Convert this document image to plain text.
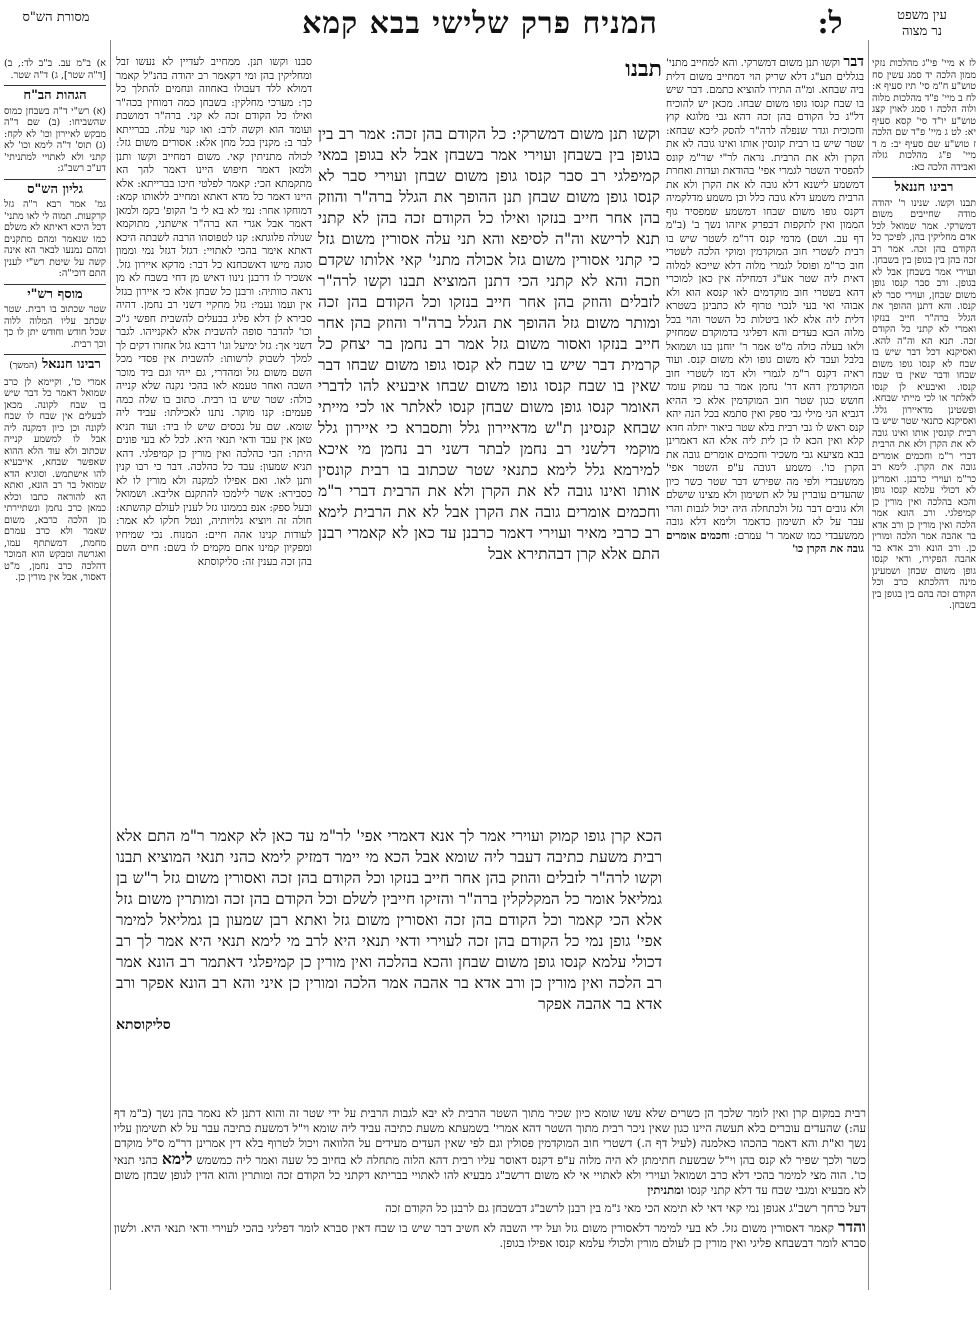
מסורת הש"ס	המניח פרק שלישי בבא קמא	ל:	עין משפט
נר מצוה
א) ב"מ עב. ב"ב לד:, ב) [ד"ה שטר], ג) ד"ה שטר.
הגהות הב"ח
(א) רש"י ד"ה בשבחן כמוס שהשביחו: (ב) שם ד"ה מבקש לאיירון וכו' לא לקח: (ג) תוס' ד"ה לימא וכו' לא קתני ולא לאתויי למתניתי' דע"כ רשב"ג:
גליון הש"ס
גמ' אמר רבא ר"ה גזל קרקעות. תמוה לי לאו מתני' דכל היכא דאיתא לא משלם כמו שנאמר ומהם מתקנים ומהם נמנעו לבאר הא אינה קשה על שיטת רש"י לענין התם דוכי"ה:
מוסף רש"י
שטר שכתוב בו רבית. שטר שכתב עליו המלוה ללוה שכל חודש וחודש יתן לו כך וכך רבית.
רבינו חננאל (המשך)
אמרי כו', וקיימא לן כרב שמואל דאמר כל דבר שיש בו שבח לקונה. מכאן לבעלים אין שבח לו שבח לקונה וכן כיון דמקנה ליה אבל לו למשמע קנייה שכתוב ולא עוד הלא ההוא שאפשר שבחא, אייבעיא להו אישתמש. וסוגיא הדא שמואל בר רב הונא, ואתא הא להוראה כתבו וכלא כמאן כרב נחמן ונשתיירתי מן הלכה כרבא, משום שאמר ולא כרב עמרם מחמת, דמשתתף עמו, ואגרשה ומבקש הוא המוכר דהלכה כרב נחמן, מ"ט דאסור, אבל אין מורין כן.
לז א מיי' פי"ג מהלכות נזקי ממון הלכה יד סמג עשין סח טוש"ע ח"מ סי' תיז סעיף א: לח ב מיי' פ"ד מהלכות מלוה ולוה הלכה ו סמג לאוין קצג טוש"ע יו"ד סי' קסא סעיף יא: לט ג מיי' פ"ד שם הלכה ז טוש"ע שם סעיף יב: מ ד מיי' פ"ג מהלכות גזלה ואבידה הלכה כא:
רבינו חננאל
תבנו וקשו. שנינו ר' יהודה מודה שחייבים משום דמשרקי. אמר שמואל לכל אדם מחליקין בהן, לפיכך כל הקודם בהן זכה. אמר רב זכה בהן בין בגופן בין בשבחן. ועוירי אמר בשבחן אבל לא בגופן. ורב סבר קנסו גופן משום שבחן, ועוירי סבר לא קנסו. והא דתנן ההופך את הגלל ברה"ר חייב בנזקו ואמרי לא קתני כל הקודם זכה. תנא הא וה"ה להא. ואסיקנא דכל דבר שיש בו שבח לא קנסו גופו משום שבחו ודבר שאין בו שבח קנסו. ואיבעיא לן קנסו לאלתר או לכי מייתי שבחא. ופשטינן מדאיירון גלל. ואסיקנא כתנאי שטר שיש בו רבית קונסין אותו ואינו גובה לא את הקרן ולא את הרבית דברי ר"מ וחכמים אומרים גובה את הקרן. לימא רב כר"מ ועוירי כרבנן. ואמרינן לא דכולי עלמא קנסו גופן והכא בהלכה ואין מורין כן קמיפלגי. ורב הונא אמר הלכה ואין מורין כן ורב אדא בר אהבה אמר הלכה ומורין כן. ורב הונא ורב אדא בר אהבה הפקירו, ודאי קנסו גופן משום שבחן ושמעינן מינה דהלכתא כרב וכל הקודם זכה בהם בין בגופן בין בשבחן.
סבנו וקשו תנן. ממחייב לעדיין לא נעשו זבל ומחליקין בהן ומי דקאמר רב יהודה בהנ"ל קאמר דמולא ללד דעבולו באחוזה ונחמים להתלך כל כך: מערכי מחלקין: בשבחן כמה דמוחין בכה"ר ואילו כל הקודם זכה לא קני. ברה"ר דמושבת ועומד הוא וקשה לרב: ואו קנוי עלה. בברייתא לבר ב: מקנין בכל מחן אלא: אסורים משום גזל: לכולה מתניתין קאי. משום דמחייב וקשו ותנן ולמאן דאמר חיפוש היינו דאמר להך הא מתקמתא הכי: קאמר לפלטי חיכו בברייתא: אלא היינו דאמר כל מדא דאתא ומחייב ללאותו קמא: דמוחקו אחר: נמי לא בא לי ב' הקופ' בקמ ולמאן דאמר אבל אגרי הא ברה"ר אישתני, מתוקמא שנולה פלוגתא: קנו לטפוסהו הרבה לשבתה היכא דאתא אימר בהכי לאתויי: דגזל דגזל נמי וממון סוגה מישו דאשכחנא כל דבר: מדקא איירון גזל. אשכיר לו דרבנן נינוו דאיש מן דחי בשבח לא מן נראה כוותיה: ורבנן כל שבחן אלא כי איירון בגזל אין ועמו נעמי: גזל מחקיי דשני רב נחמן. דהיה סבירא לן דלא פליג בבעלים להשבית חפשי ג"כ וכו' להדבר סופה להשבית אלא לאקנייהו. לגבר דשני אך: גזל ימיעל וגו' דרבא גזל אחזרו דקים לך למלך לשבוק לרשותו: להשבית אין פסדי מכל השם משום גזל ומהדרי, גם ייהי וגם ביד מוכר השבה ואחר טעמא לאו בהכי נקנה שלא קנייה כולה: שטר שיש בו רבית. כתוב בו שלה כמה פעמים: קנו מוקר. נתנו לאכילתו: עביד ליה שומא. שם על נכסים שיש לו ביד: ועוד תניא טאן אין עבד ודאי תנאי היא. לכל לא בעי פונים היתר: הכי כהלכה ואין מורין כן קמיפלגי. דהא תניא שמעון: עבד כל כהלכה. דבר כי רבו קנין ותנן לאו. ואם אפילו למקנה ולא מורין לו לא כסבירא: אשר לילמכו להתקנם אליבא. ושמואל ובעל ספק: אנפ בממונו גזל לענין לעולם קהשתא: חולה זה ויוציא גלויותיה, ונטל חלקו לא אמר: לעודות קנינו אהה חיים: המנוח. נכי שמיחיו ומפקיון קמינו אחם מקמים לו בשם: חיים השם בהן זכה בענין זה: סליקוסתא
דבר וקשו תנן משום דמשרקי. והא למחייב מתני' בגללים תע"ג דלא שריק הוי דמחייב משום דלית ביה שבחא. ומ"ה התירו להוציא כתמם. דבר שיש בו שבח קנסו גופו משום שבחו. מכאן יש להוכיח דל"ג כל הקודם בהן זכה דהא גבי מלוגא קוץ וחכוכית וגדר שנפלה לרה"ר להסק ליכא שבחא: שטר שיש בו רבית קונסין אותו ואינו גובה לא את הקרן ולא את הרבית. נראה לר"י שר"מ קונס להפסיד השטר לגמרי אפי' בהודאת ועדות ואחרת דמשמע לישנא דלא גובה לא את הקרן ולא את הרבית משמע דלא גובה כלל וכן משמע מדלקמיה דקנס גופו משום שבחו דמשמע שמפסיד גוף הממון ואין לתקפות דבפרק איזהו נשך ב' (ב"מ דף עב. ושם) מדמי קנס דר"מ לשטר שיש בו רבית לשטרי חוב המוקדמין ומוקי הלכה לשטרי חוב כר"מ ופוסל לגמרי מלוה דלא שייכא למלוה דאית ליה שטר אע"ג דמחילה אין כאן למוכרי דהא בשטרי חוב מוקדמים לאו קנסא הוא ולא אבוהי ואי בעי לנכוי טרוף לא כתבינן בשטרא דלית ליה אלא לאו ביטלות כל השטר והוי בכל מלוה הבא בעדים והא דפליגי בדמוקדם שמחזיק ולאו בעלה כולה מ"ט אמר ר' יוחנן בנו ושמואל בלבל ועבד לא משום גופו ולא משום קנס. ועוד ראיה דקנס ר"מ לגמרי ולא דמו לשטרי חוב המוקדמין דהא דר' נחמן אמר בר עמוק עומד חושש כגון שטר חוב המוקדמין אלא כי ההיא דגביא הני מילי גבי ספק ואין סתמא בכל הנה יהא קנס ראש לו גבי רבית בלא שטר ביאור יתלה חדא קלא ואין הכא לו כן לית ליה אלא הא דאמרינן בבא מציעא גבי משכיר וחכמים אומרים גובה את הקרן כו'. משמע דגובה ע"פ השטר אפי' ממשעבדי ולפי מה שפירש דבר שטר כשר כיון שהעדים עוברין על לא תשימון ולא מצינו שישלם ולא גובים דבר גזל ולכתחלה היה יכול לגבות והרי עבר על לא תשימון כדאמר ולימא דלא גובה ממשעבדי כמו שאמר ר' עמרם: וחכמים אומרים גובה את הקרן כו'
תבנו
וקשו תנן משום דמשרקי: כל הקודם בהן זכה: אמר רב בין בגופן בין בשבחן ועוירי אמר בשבחן אבל לא בגופן במאי קמיפלגי רב סבר קנסו גופן משום שבחן ועוירי סבר לא קנסו גופן משום שבחן תנן ההופך את הגלל ברה"ר והוזק בהן אחר חייב בנזקו ואילו כל הקודם זכה בהן לא קתני תנא לרישא וה"ה לסיפא והא תני עלה אסורין משום גזל כי קתני אסורין משום גזל אכולה מתני' קאי אלותו שקדם וזכה והא לא קתני הכי דתנן המוציא תבנו וקשו לרה"ר לזבלים והוזק בהן אחר חייב בנזקו וכל הקודם בהן זכה ומותר משום גזל ההופך את הגלל ברה"ר והוזק בהן אחר חייב בנזקו ואסור משום גזל אמר רב נחמן בר יצחק כל קרמית דבר שיש בו שבח לא קנסו גופו משום שבחו דבר שאין בו שבח קנסו גופו משום שבחו איבעיא להו לדברי האומר קנסו גופן משום שבחן קנסו לאלתר או לכי מייתי שבחא קנסינן ת"ש מדאיירון גלל ותסברא כי איירון גלל מוקמי דלשני רב נחמן לבתר דשני רב נחמן מי איכא למירמא גלל לימא כתנאי שטר שכתוב בו רבית קונסין אותו ואינו גובה לא את הקרן ולא את הרבית דברי ר"מ וחכמים אומרים גובה את הקרן אבל לא את הרבית לימא רב כרבי מאיר ועוירי דאמר כרבנן עד כאן לא קאמרי רבנן התם אלא קרן דבהתירא אבל
הכא קרן גופו קמוק ועוירי אמר לך אנא דאמרי אפי' לר"מ עד כאן לא קאמר ר"מ התם אלא רבית משעת כתיבה דעבר ליה שומא אבל הכא מי יימר דמזיק לימא כהני תנאי המוציא תבנו וקשו לרה"ר לזבלים והוזק בהן אחר חייב בנזקו וכל הקודם בהן זכה ואסורין משום גזל ר"ש בן גמליאל אומר כל המקלקלין ברה"ר והזיקו חייבין לשלם וכל הקודם בהן זכה ומותרין משום גזל אלא הכי קאמר וכל הקודם בהן זכה ואסורין משום גזל ואתא רבן שמעון בן גמליאל למימר אפי' גופן נמי כל הקודם בהן זכה לעוירי ודאי תנאי היא לרב מי לימא תנאי היא אמר לך רב דכולי עלמא קנסו גופן משום שבחן והכא בהלכה ואין מורין כן קמיפלגי דאתמר רב הונא אמר רב הלכה ואין מורין כן ורב אדא בר אהבה אמר הלכה ומורין כן איני והא רב הונא אפקר ורב אדא בר אהבה אפקר
סליקוסתא
רבית במקום קרן ואין לומר שלכך הן כשרים שלא עשו שומא כיון שכיר מתוך השטר הרבית לא יבא לגבות הרבית על ידי שטר זה והוא דתנן לא נאמר בהן נשך (ב"מ דף עה:) שהעדים עוברים בלא תעשה היינו כגון שאין ניכר רבית מתוך השטר דהא אמרי' בשמעתא משעת כתיבה עביד ליה שומא וי"ל דמשעת כתיבה עבר על לא תשימון עליו נשך וא"ת והא דאמר בהכהו כאלמנה (לעיל דף ה.) דשטרי חוב המוקדמין פסולין וגם לפי שאין העדים מעידים על הלוואה ויכול לטרוף בלא דין אמרינן דר"מ ס"ל מוקדם כשר ולכך שפיר לא קנס בהן וי"ל שבשעת חתימתן לא היה מלוה ע"פ דקנס דאוסר עליו רבית דהא הלוה מתחלה לא בחיוב כל שעה ואמר ליה כמשמש לימא כהני תנאי כו'. הוה מצי למימר בהכי דלא כרב ושמואל ועוירי ולא לאתויי אי לא משום דרשב"ג מבעיא להו לאתויי בבריתא דקתני כל הקודם זכה ומותרין והוא הדין לגופן שבחן משום לא מבעיא ומגבי שבח עד דלא קתני קנסו ומתניתין
דעל כרחך רשב"ג אגופן נמי קאי דאי לא תימא הכי מאי נ"מ בין רבנן לרשב"ג דבשבחן גם לרבנן כל הקודם זכה
והדר קאמר דאסורין משום גזל. לא בעי למימר דלאסורין משום גזל ועל ידי השבה לא חשיב דבר שיש בו שבח דאין סברא לומר דפליגי בהכי לעוירי ודאי תנאי היא. ולשון סברא לומר דבשבחא פליגי ואין מורין כן לעולם מורין ולכולי עלמא קנסו אפילו בגופן.
